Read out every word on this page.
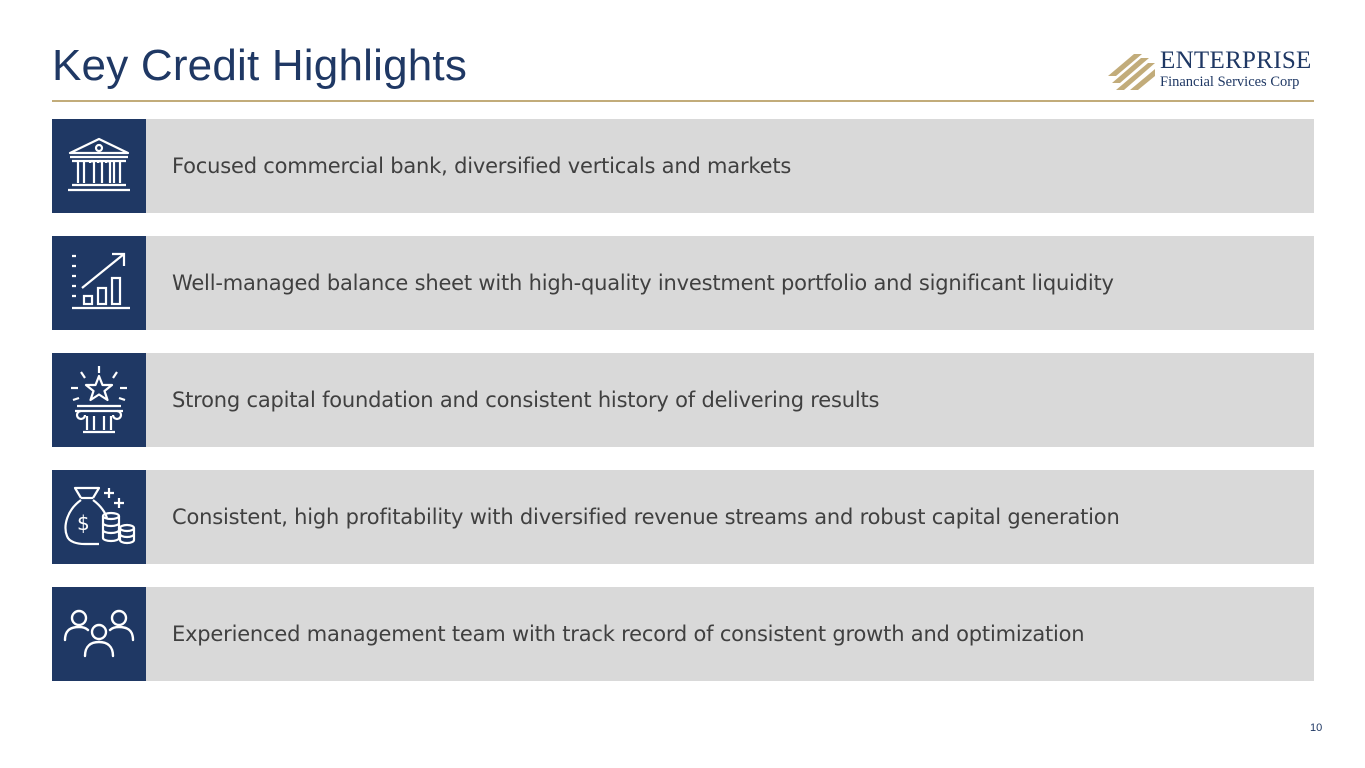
Key Credit Highlights	ENTERPRISE
Financial Services Corp
Focused commercial bank, diversified verticals and markets
Well-managed balance sheet with high-quality investment portfolio and significant liquidity
Strong capital foundation and consistent history of delivering results
$	Consistent, high profitability with diversified revenue streams and robust capital generation
Experienced management team with track record of consistent growth and optimization
10
